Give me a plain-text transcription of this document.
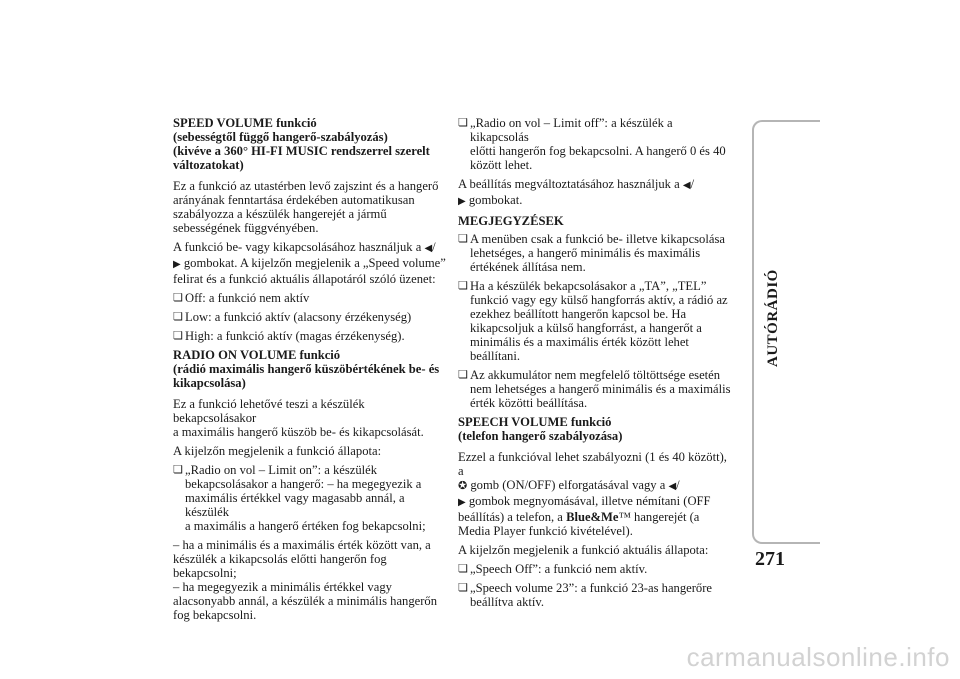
SPEED VOLUME funkció
(sebességtől függő hangerő-szabályozás)
(kivéve a 360° HI-FI MUSIC rendszerrel szerelt
változatokat)
Ez a funkció az utastérben levő zajszint és a hangerő
arányának fenntartása érdekében automatikusan
szabályozza a készülék hangerejét a jármű
sebességének függvényében.
A funkció be- vagy kikapcsolásához használjuk a ◀/
▶ gombokat. A kijelzőn megjelenik a „Speed volume”
felirat és a funkció aktuális állapotáról szóló üzenet:
❏ Off: a funkció nem aktív
❏ Low: a funkció aktív (alacsony érzékenység)
❏ High: a funkció aktív (magas érzékenység).
RADIO ON VOLUME funkció
(rádió maximális hangerő küszöbértékének be- és
kikapcsolása)
Ez a funkció lehetővé teszi a készülék bekapcsolásakor
a maximális hangerő küszöb be- és kikapcsolását.
A kijelzőn megjelenik a funkció állapota:
❏ „Radio on vol – Limit on”: a készülék
bekapcsolásakor a hangerő: – ha megegyezik a
maximális értékkel vagy magasabb annál, a készülék
a maximális a hangerő értéken fog bekapcsolni;
– ha a minimális és a maximális érték között van, a
készülék a kikapcsolás előtti hangerőn fog
bekapcsolni;
– ha megegyezik a minimális értékkel vagy
alacsonyabb annál, a készülék a minimális hangerőn
fog bekapcsolni.
❏ „Radio on vol – Limit off”: a készülék a kikapcsolás
előtti hangerőn fog bekapcsolni. A hangerő 0 és 40
között lehet.
A beállítás megváltoztatásához használjuk a ◀/
▶ gombokat.
MEGJEGYZÉSEK
❏ A menüben csak a funkció be- illetve kikapcsolása
lehetséges, a hangerő minimális és maximális
értékének állítása nem.
❏ Ha a készülék bekapcsolásakor a „TA”, „TEL”
funkció vagy egy külső hangforrás aktív, a rádió az
ezekhez beállított hangerőn kapcsol be. Ha
kikapcsoljuk a külső hangforrást, a hangerőt a
minimális és a maximális érték között lehet
beállítani.
❏ Az akkumulátor nem megfelelő töltöttsége esetén
nem lehetséges a hangerő minimális és a maximális
érték közötti beállítása.
SPEECH VOLUME funkció
(telefon hangerő szabályozása)
Ezzel a funkcióval lehet szabályozni (1 és 40 között), a
✪ gomb (ON/OFF) elforgatásával vagy a ◀/
▶ gombok megnyomásával, illetve némítani (OFF
beállítás) a telefon, a Blue&Me™ hangerejét (a
Media Player funkció kivételével).
A kijelzőn megjelenik a funkció aktuális állapota:
❏ „Speech Off”: a funkció nem aktív.
❏ „Speech volume 23”: a funkció 23-as hangerőre
beállítva aktív.
AUTÓRÁDIÓ
271
carmanualsonline.info
